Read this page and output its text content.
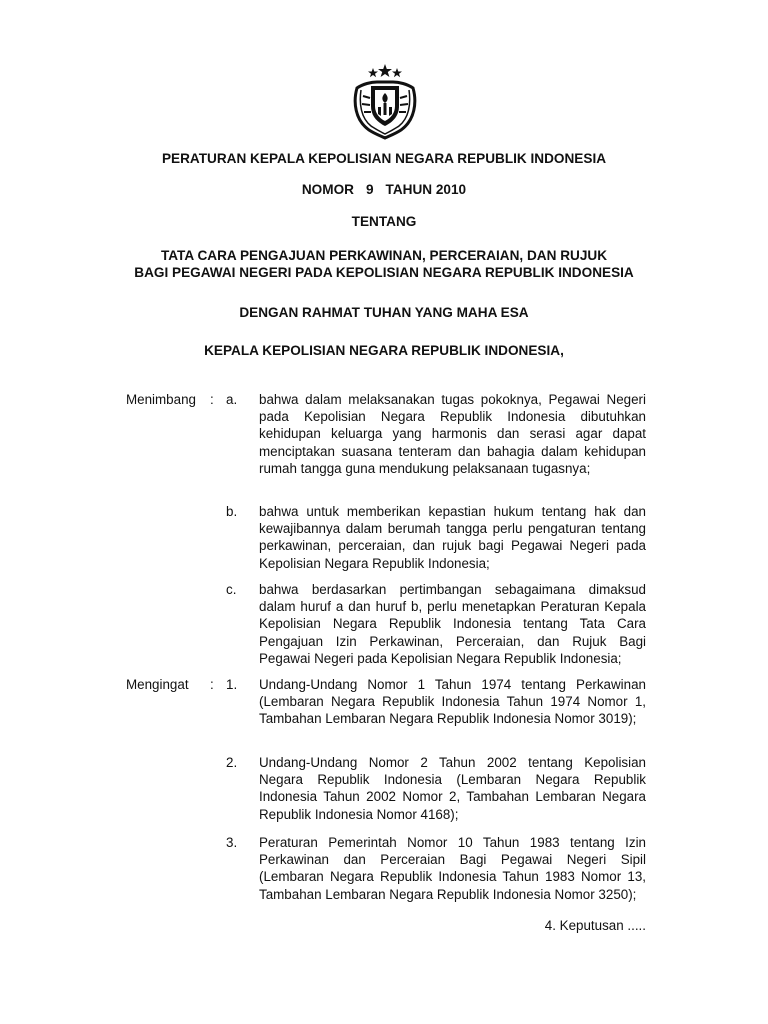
PERATURAN KEPALA KEPOLISIAN NEGARA REPUBLIK INDONESIA
NOMOR 9 TAHUN 2010
TENTANG
TATA CARA PENGAJUAN PERKAWINAN, PERCERAIAN, DAN RUJUK
BAGI PEGAWAI NEGERI PADA KEPOLISIAN NEGARA REPUBLIK INDONESIA
DENGAN RAHMAT TUHAN YANG MAHA ESA
KEPALA KEPOLISIAN NEGARA REPUBLIK INDONESIA,
Menimbang : a. bahwa dalam melaksanakan tugas pokoknya, Pegawai Negeri pada Kepolisian Negara Republik Indonesia dibutuhkan kehidupan keluarga yang harmonis dan serasi agar dapat menciptakan suasana tenteram dan bahagia dalam kehidupan rumah tangga guna mendukung pelaksanaan tugasnya;
b. bahwa untuk memberikan kepastian hukum tentang hak dan kewajibannya dalam berumah tangga perlu pengaturan tentang perkawinan, perceraian, dan rujuk bagi Pegawai Negeri pada Kepolisian Negara Republik Indonesia;
c. bahwa berdasarkan pertimbangan sebagaimana dimaksud dalam huruf a dan huruf b, perlu menetapkan Peraturan Kepala Kepolisian Negara Republik Indonesia tentang Tata Cara Pengajuan Izin Perkawinan, Perceraian, dan Rujuk Bagi Pegawai Negeri pada Kepolisian Negara Republik Indonesia;
Mengingat : 1. Undang-Undang Nomor 1 Tahun 1974 tentang Perkawinan (Lembaran Negara Republik Indonesia Tahun 1974 Nomor 1, Tambahan Lembaran Negara Republik Indonesia Nomor 3019);
2. Undang-Undang Nomor 2 Tahun 2002 tentang Kepolisian Negara Republik Indonesia (Lembaran Negara Republik Indonesia Tahun 2002 Nomor 2, Tambahan Lembaran Negara Republik Indonesia Nomor 4168);
3. Peraturan Pemerintah Nomor 10 Tahun 1983 tentang Izin Perkawinan dan Perceraian Bagi Pegawai Negeri Sipil (Lembaran Negara Republik Indonesia Tahun 1983 Nomor 13, Tambahan Lembaran Negara Republik Indonesia Nomor 3250);
4. Keputusan .....
